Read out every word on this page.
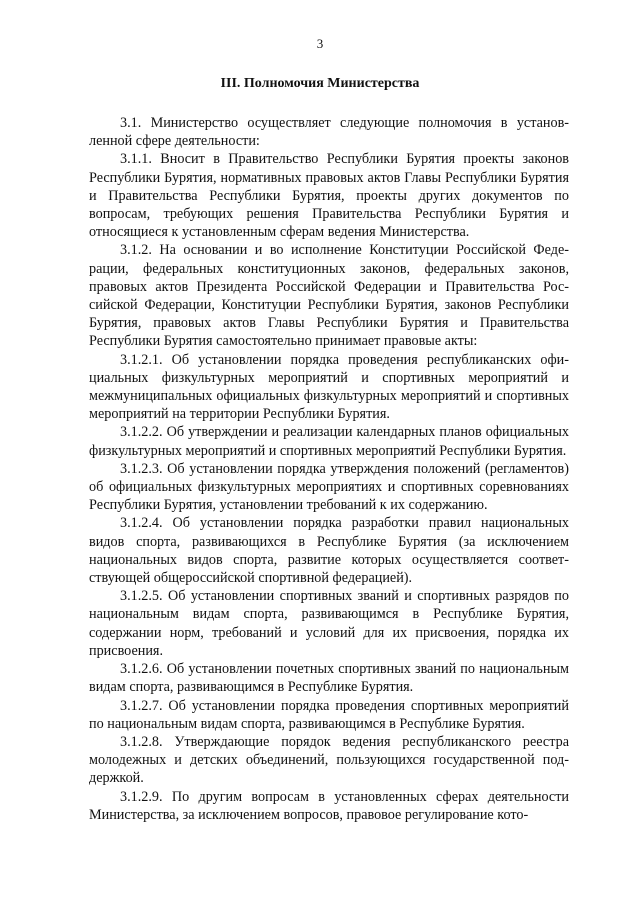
3
III. Полномочия Министерства

3.1. Министерство осуществляет следующие полномочия в установленной сфере деятельности:

3.1.1. Вносит в Правительство Республики Бурятия проекты законов Республики Бурятия, нормативных правовых актов Главы Республики Бурятия и Правительства Республики Бурятия, проекты других документов по вопросам, требующих решения Правительства Республики Бурятия и относящиеся к установленным сферам ведения Министерства.

3.1.2. На основании и во исполнение Конституции Российской Федерации, федеральных конституционных законов, федеральных законов, правовых актов Президента Российской Федерации и Правительства Российской Федерации, Конституции Республики Бурятия, законов Республики Бурятия, правовых актов Главы Республики Бурятия и Правительства Республики Бурятия самостоятельно принимает правовые акты:

3.1.2.1. Об установлении порядка проведения республиканских официальных физкультурных мероприятий и спортивных мероприятий и межмуниципальных официальных физкультурных мероприятий и спортивных мероприятий на территории Республики Бурятия.

3.1.2.2. Об утверждении и реализации календарных планов официальных физкультурных мероприятий и спортивных мероприятий Республики Бурятия.

3.1.2.3. Об установлении порядка утверждения положений (регламентов) об официальных физкультурных мероприятиях и спортивных соревнованиях Республики Бурятия, установлении требований к их содержанию.

3.1.2.4. Об установлении порядка разработки правил национальных видов спорта, развивающихся в Республике Бурятия (за исключением национальных видов спорта, развитие которых осуществляется соответствующей общероссийской спортивной федерацией).

3.1.2.5. Об установлении спортивных званий и спортивных разрядов по национальным видам спорта, развивающимся в Республике Бурятия, содержании норм, требований и условий для их присвоения, порядка их присвоения.

3.1.2.6. Об установлении почетных спортивных званий по национальным видам спорта, развивающимся в Республике Бурятия.

3.1.2.7. Об установлении порядка проведения спортивных мероприятий по национальным видам спорта, развивающимся в Республике Бурятия.

3.1.2.8. Утверждающие порядок ведения республиканского реестра молодежных и детских объединений, пользующихся государственной поддержкой.

3.1.2.9. По другим вопросам в установленных сферах деятельности Министерства, за исключением вопросов, правовое регулирование кото-
